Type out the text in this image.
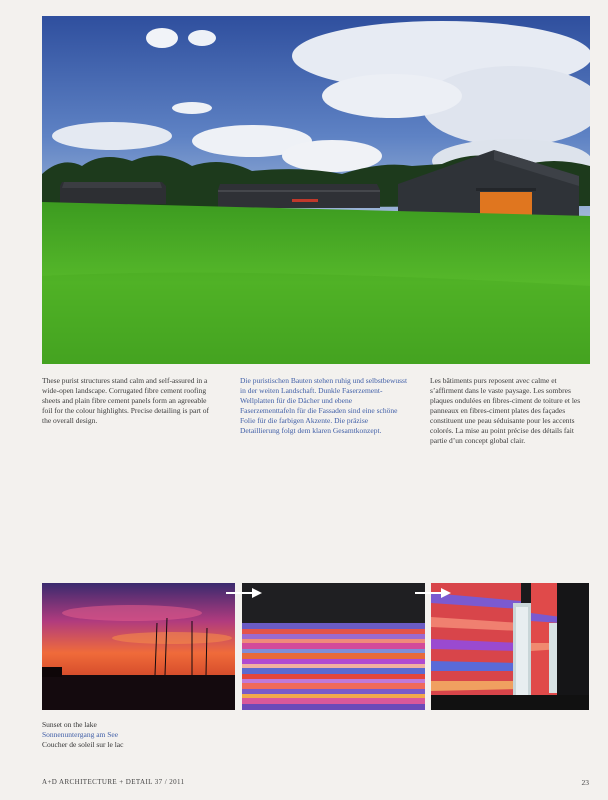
These purist structures stand calm and self-assured in a wide-open landscape. Corrugated fibre cement roofing sheets and plain fibre cement panels form an agreeable foil for the colour highlights. Precise detailing is part of the overall design.
Die puristischen Bauten stehen ruhig und selbstbewusst in der weiten Landschaft. Dunkle Faserzement-Wellplatten für die Dächer und ebene Faserzementtafeln für die Fassaden sind eine schöne Folie für die farbigen Akzente. Die präzise Detaillierung folgt dem klaren Gesamtkonzept.
Les bâtiments purs reposent avec calme et s’affirment dans le vaste paysage. Les sombres plaques ondulées en fibres-ciment de toiture et les panneaux en fibres-ciment plates des façades constituent une peau séduisante pour les accents colorés. La mise au point précise des détails fait partie d’un concept global clair.
Sunset on the lake
Sonnenuntergang am See
Coucher de soleil sur le lac
A+D ARCHITECTURE + DETAIL 37 / 2011	23
